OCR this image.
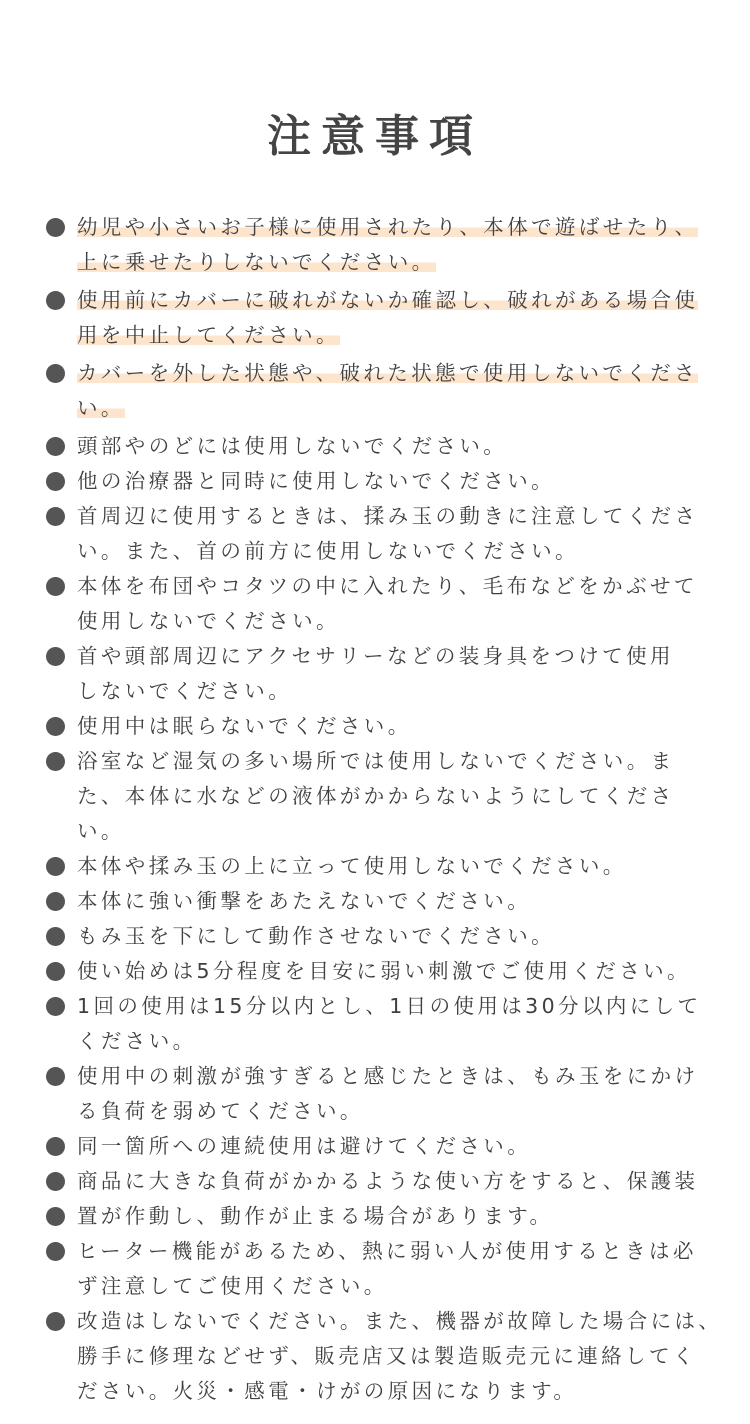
注意事項
幼児や小さいお子様に使用されたり、本体で遊ばせたり、
上に乗せたりしないでください。
使用前にカバーに破れがないか確認し、破れがある場合使
用を中止してください。
カバーを外した状態や、破れた状態で使用しないでくださ
い。
頭部やのどには使用しないでください。
他の治療器と同時に使用しないでください。
首周辺に使用するときは、揉み玉の動きに注意してくださ
い。また、首の前方に使用しないでください。
本体を布団やコタツの中に入れたり、毛布などをかぶせて
使用しないでください。
首や頭部周辺にアクセサリーなどの装身具をつけて使用
しないでください。
使用中は眠らないでください。
浴室など湿気の多い場所では使用しないでください。ま
た、本体に水などの液体がかからないようにしてくださ
い。
本体や揉み玉の上に立って使用しないでください。
本体に強い衝撃をあたえないでください。
もみ玉を下にして動作させないでください。
使い始めは5分程度を目安に弱い刺激でご使用ください。
1回の使用は15分以内とし、1日の使用は30分以内にして
ください。
使用中の刺激が強すぎると感じたときは、もみ玉をにかけ
る負荷を弱めてください。
同一箇所への連続使用は避けてください。
商品に大きな負荷がかかるような使い方をすると、保護装
置が作動し、動作が止まる場合があります。
ヒーター機能があるため、熱に弱い人が使用するときは必
ず注意してご使用ください。
改造はしないでください。また、機器が故障した場合には、
勝手に修理などせず、販売店又は製造販売元に連絡してく
ださい。火災・感電・けがの原因になります。
